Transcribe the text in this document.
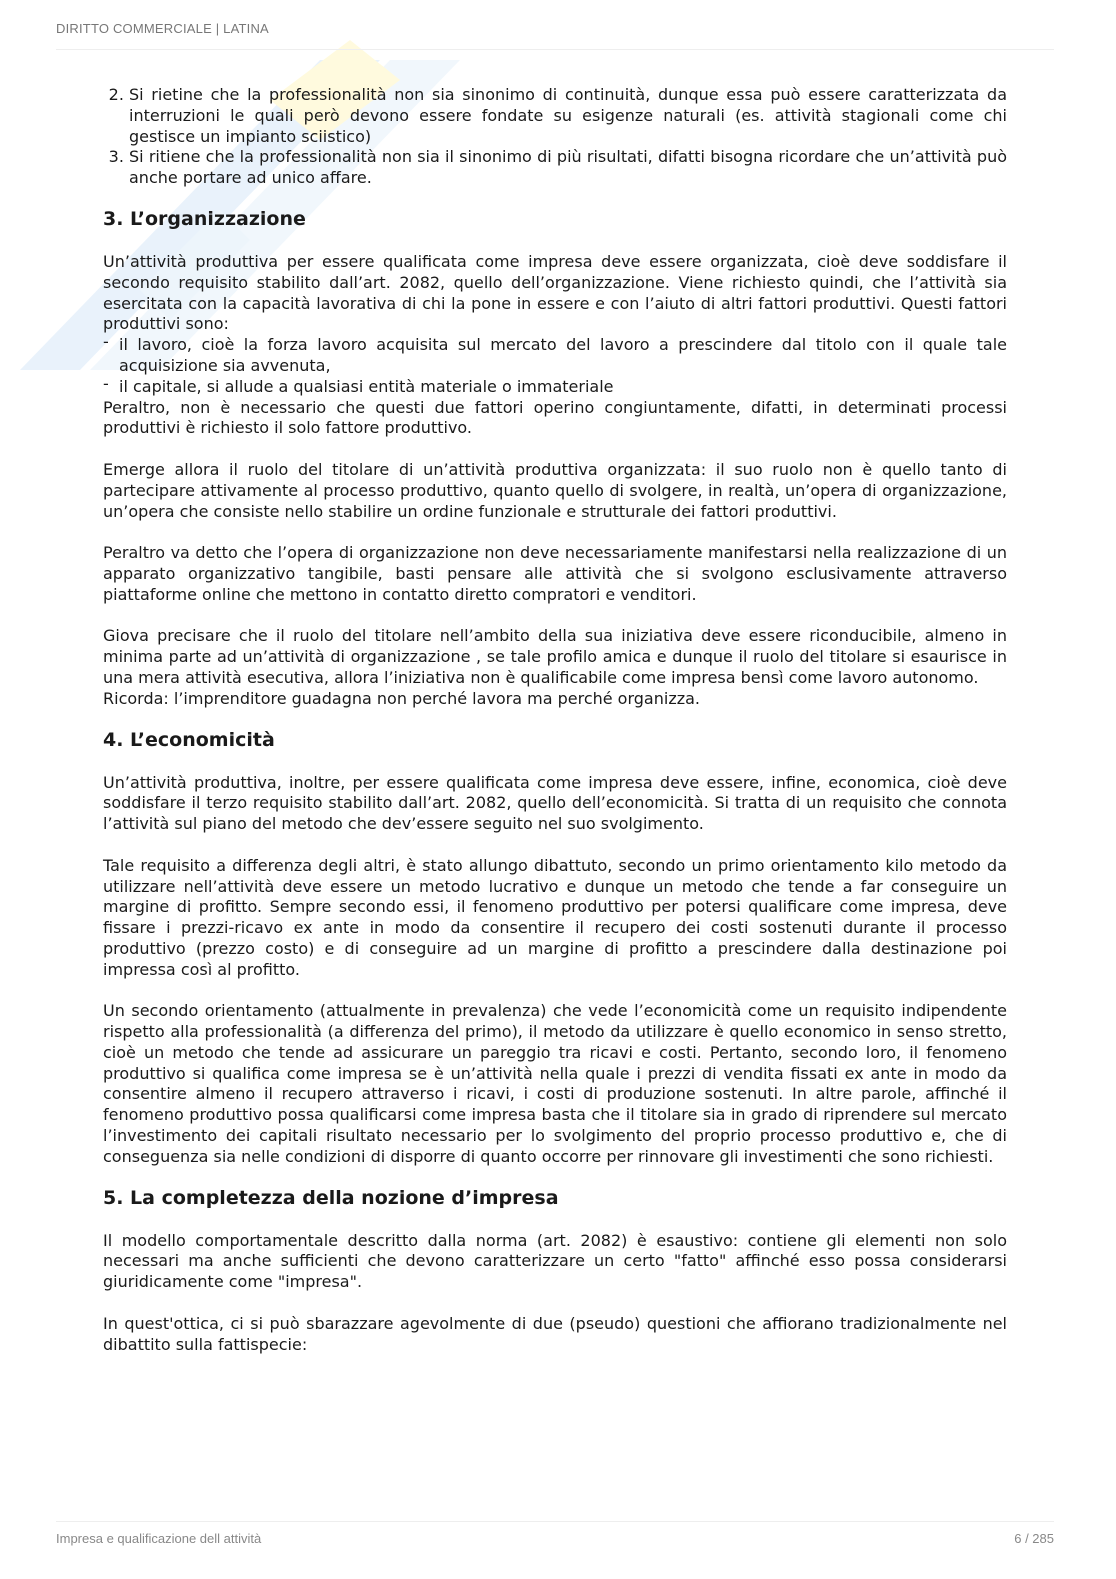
DIRITTO COMMERCIALE | LATINA
2. Si rietine che la professionalità non sia sinonimo di continuità, dunque essa può essere caratterizzata da interruzioni le quali però devono essere fondate su esigenze naturali (es. attività stagionali come chi gestisce un impianto sciistico)
3. Si ritiene che la professionalità non sia il sinonimo di più risultati, difatti bisogna ricordare che un’attività può anche portare ad unico affare.
3. L’organizzazione

Un’attività produttiva per essere qualificata come impresa deve essere organizzata, cioè deve soddisfare il secondo requisito stabilito dall’art. 2082, quello dell’organizzazione. Viene richiesto quindi, che l’attività sia esercitata con la capacità lavorativa di chi la pone in essere e con l’aiuto di altri fattori produttivi. Questi fattori produttivi sono:

- il lavoro, cioè la forza lavoro acquisita sul mercato del lavoro a prescindere dal titolo con il quale tale acquisizione sia avvenuta,
- il capitale, si allude a qualsiasi entità materiale o immateriale

Peraltro, non è necessario che questi due fattori operino congiuntamente, difatti, in determinati processi produttivi è richiesto il solo fattore produttivo.

Emerge allora il ruolo del titolare di un’attività produttiva organizzata: il suo ruolo non è quello tanto di partecipare attivamente al processo produttivo, quanto quello di svolgere, in realtà, un’opera di organizzazione, un’opera che consiste nello stabilire un ordine funzionale e strutturale dei fattori produttivi.

Peraltro va detto che l’opera di organizzazione non deve necessariamente manifestarsi nella realizzazione di un apparato organizzativo tangibile, basti pensare alle attività che si svolgono esclusivamente attraverso piattaforme online che mettono in contatto diretto compratori e venditori.

Giova precisare che il ruolo del titolare nell’ambito della sua iniziativa deve essere riconducibile, almeno in minima parte ad un’attività di organizzazione , se tale profilo amica e dunque il ruolo del titolare si esaurisce in una mera attività esecutiva, allora l’iniziativa non è qualificabile come impresa bensì come lavoro autonomo.

Ricorda: l’imprenditore guadagna non perché lavora ma perché organizza.

4. L’economicità

Un’attività produttiva, inoltre, per essere qualificata come impresa deve essere, infine, economica, cioè deve soddisfare il terzo requisito stabilito dall’art. 2082, quello dell’economicità. Si tratta di un requisito che connota l’attività sul piano del metodo che dev’essere seguito nel suo svolgimento.

Tale requisito a differenza degli altri, è stato allungo dibattuto, secondo un primo orientamento kilo metodo da utilizzare nell’attività deve essere un metodo lucrativo e dunque un metodo che tende a far conseguire un margine di profitto. Sempre secondo essi, il fenomeno produttivo per potersi qualificare come impresa, deve fissare i prezzi-ricavo ex ante in modo da consentire il recupero dei costi sostenuti durante il processo produttivo (prezzo costo) e di conseguire ad un margine di profitto a prescindere dalla destinazione poi impressa così al profitto.

Un secondo orientamento (attualmente in prevalenza) che vede l’economicità come un requisito indipendente rispetto alla professionalità (a differenza del primo), il metodo da utilizzare è quello economico in senso stretto, cioè un metodo che tende ad assicurare un pareggio tra ricavi e costi. Pertanto, secondo loro, il fenomeno produttivo si qualifica come impresa se è un’attività nella quale i prezzi di vendita fissati ex ante in modo da consentire almeno il recupero attraverso i ricavi, i costi di produzione sostenuti. In altre parole, affinché il fenomeno produttivo possa qualificarsi come impresa basta che il titolare sia in grado di riprendere sul mercato l’investimento dei capitali risultato necessario per lo svolgimento del proprio processo produttivo e, che di conseguenza sia nelle condizioni di disporre di quanto occorre per rinnovare gli investimenti che sono richiesti.

5. La completezza della nozione d’impresa

Il modello comportamentale descritto dalla norma (art. 2082) è esaustivo: contiene gli elementi non solo necessari ma anche sufficienti che devono caratterizzare un certo "fatto" affinché esso possa considerarsi giuridicamente come "impresa".

In quest'ottica, ci si può sbarazzare agevolmente di due (pseudo) questioni che affiorano tradizionalmente nel dibattito sulla fattispecie:

Impresa e qualificazione dell attività	6 / 285
